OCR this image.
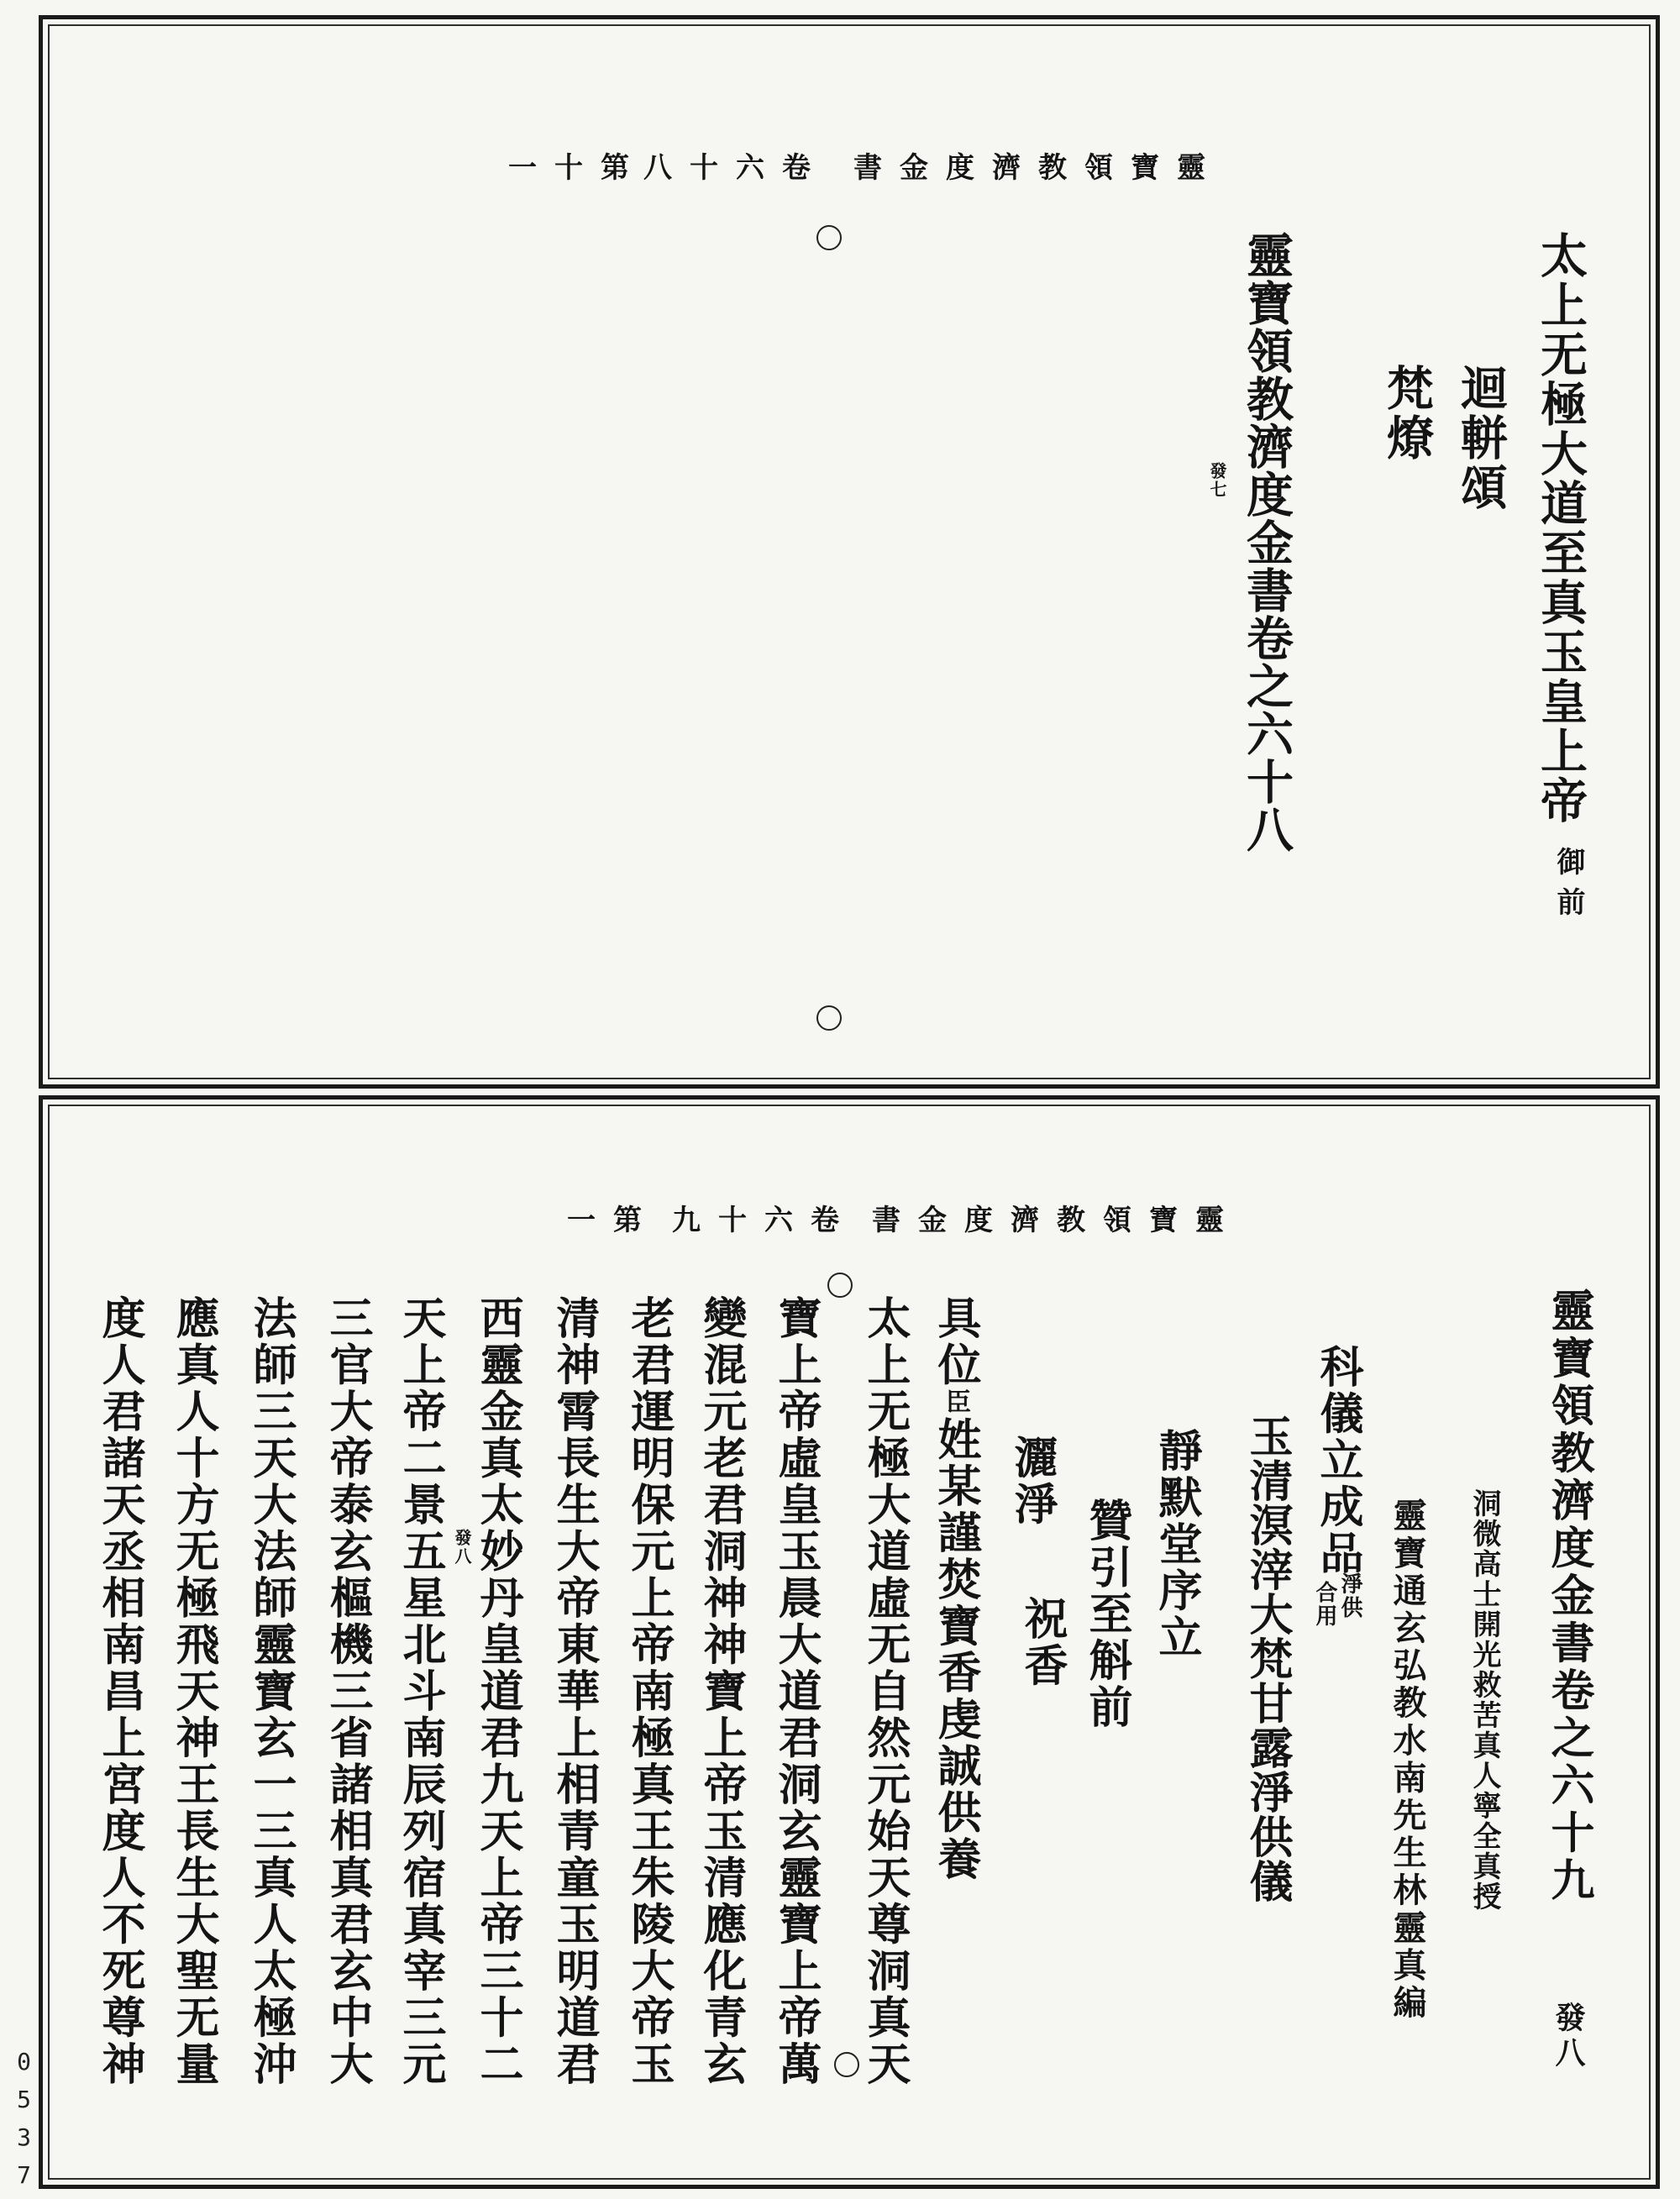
靈寶領教濟度金書
卷六十八
第十一
太上无極大道至真玉皇上帝
御前
迴軿頌
梵燎
靈寶領教濟度金書卷之六十八
發七
靈寶領教濟度金書
卷六十九
第一
靈寶領教濟度金書卷之六十九
發八
洞微高士開光救苦真人寧全真授
靈寶通玄弘教水南先生林靈真編
科儀立成品
淨供
合用
玉清溟滓大梵甘露淨供儀
靜默堂序立
贊引至斛前
灑淨
祝香
具位臣姓某謹焚寶香虔誠供養
太上无極大道虛无自然元始天尊洞真天
寶上帝虛皇玉晨大道君洞玄靈寶上帝萬
變混元老君洞神神寶上帝玉清應化青玄
老君運明保元上帝南極真王朱陵大帝玉
清神霄長生大帝東華上相青童玉明道君
西靈金真太妙丹皇道君九天上帝三十二
發八
天上帝二景五星北斗南辰列宿真宰三元
三官大帝泰玄樞機三省諸相真君玄中大
法師三天大法師靈寶玄一三真人太極沖
應真人十方无極飛天神王長生大聖无量
度人君諸天丞相南昌上宮度人不死尊神
0537
